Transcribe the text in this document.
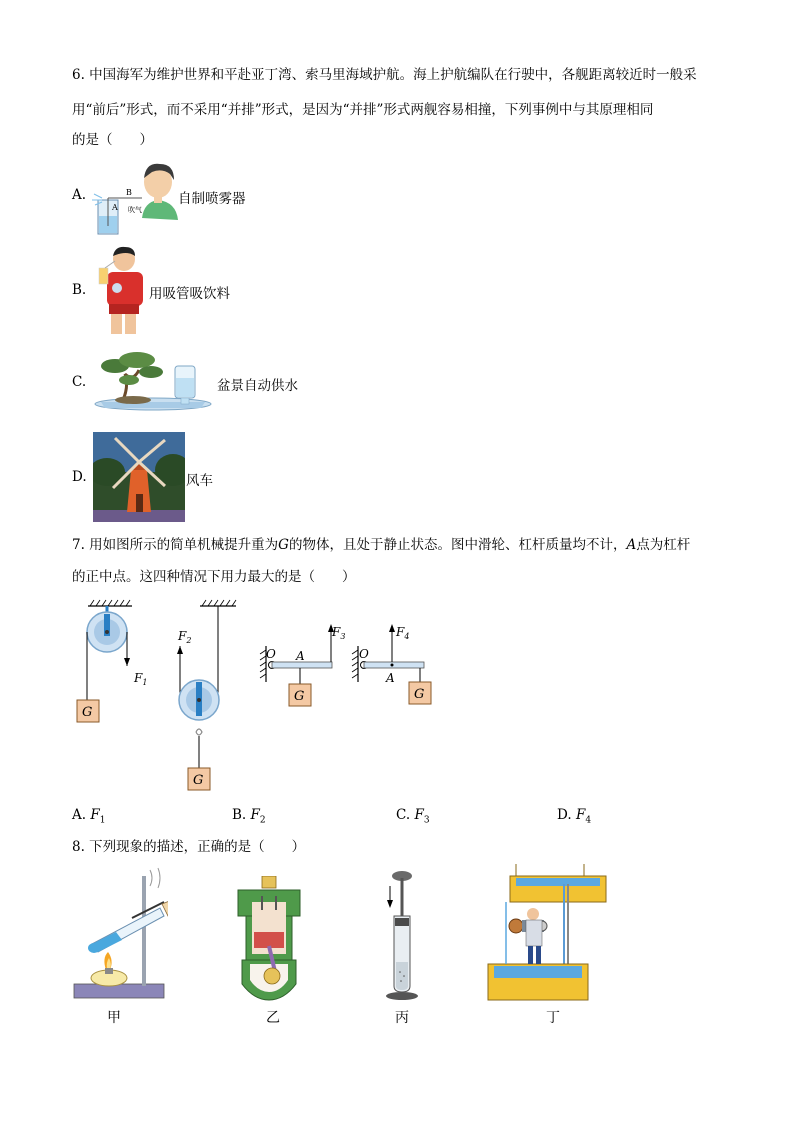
6. 中国海军为维护世界和平赴亚丁湾、索马里海域护航。海上护航编队在行驶中，各舰距离较近时一般采
用“前后”形式，而不采用“并排”形式，是因为“并排”形式两舰容易相撞，下列事例中与其原理相同
的是（　　）
A.	B
A 吹气
自制喷雾器
B.	用吸管吸饮料
C.	盆景自动供水
D.	风车
7. 用如图所示的简单机械提升重为G的物体，且处于静止状态。图中滑轮、杠杆质量均不计，A点为杠杆
的正中点。这四种情况下用力最大的是（　　）
$F_1$
G
$F_2$
G
O A
$F_3$
G
O
A
$F_4$
G
A. $F_1$	B. $F_2$	C. $F_3$	D. $F_4$
8. 下列现象的描述，正确的是（　　）
甲	乙	丙	丁
